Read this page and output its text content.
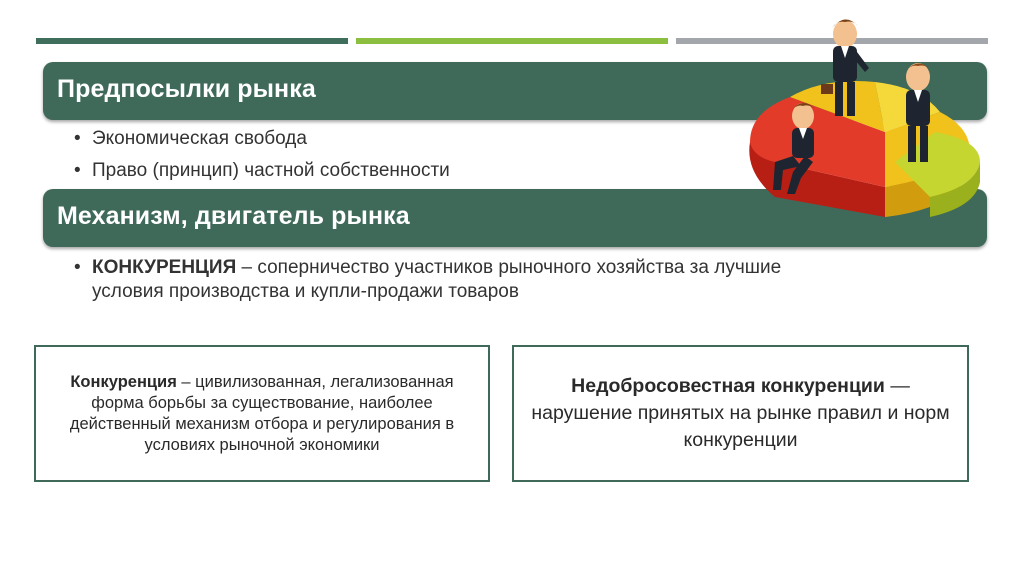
Предпосылки рынка
• Экономическая свобода
• Право (принцип) частной собственности
Механизм, двигатель рынка
• КОНКУРЕНЦИЯ – соперничество участников рыночного хозяйства за лучшие
условия производства и купли-продажи товаров
Конкуренция – цивилизованная, легализованная форма борьбы за существование, наиболее действенный механизм отбора и регулирования в условиях рыночной экономики
Недобросовестная конкуренции — нарушение принятых на рынке правил и норм конкуренции
